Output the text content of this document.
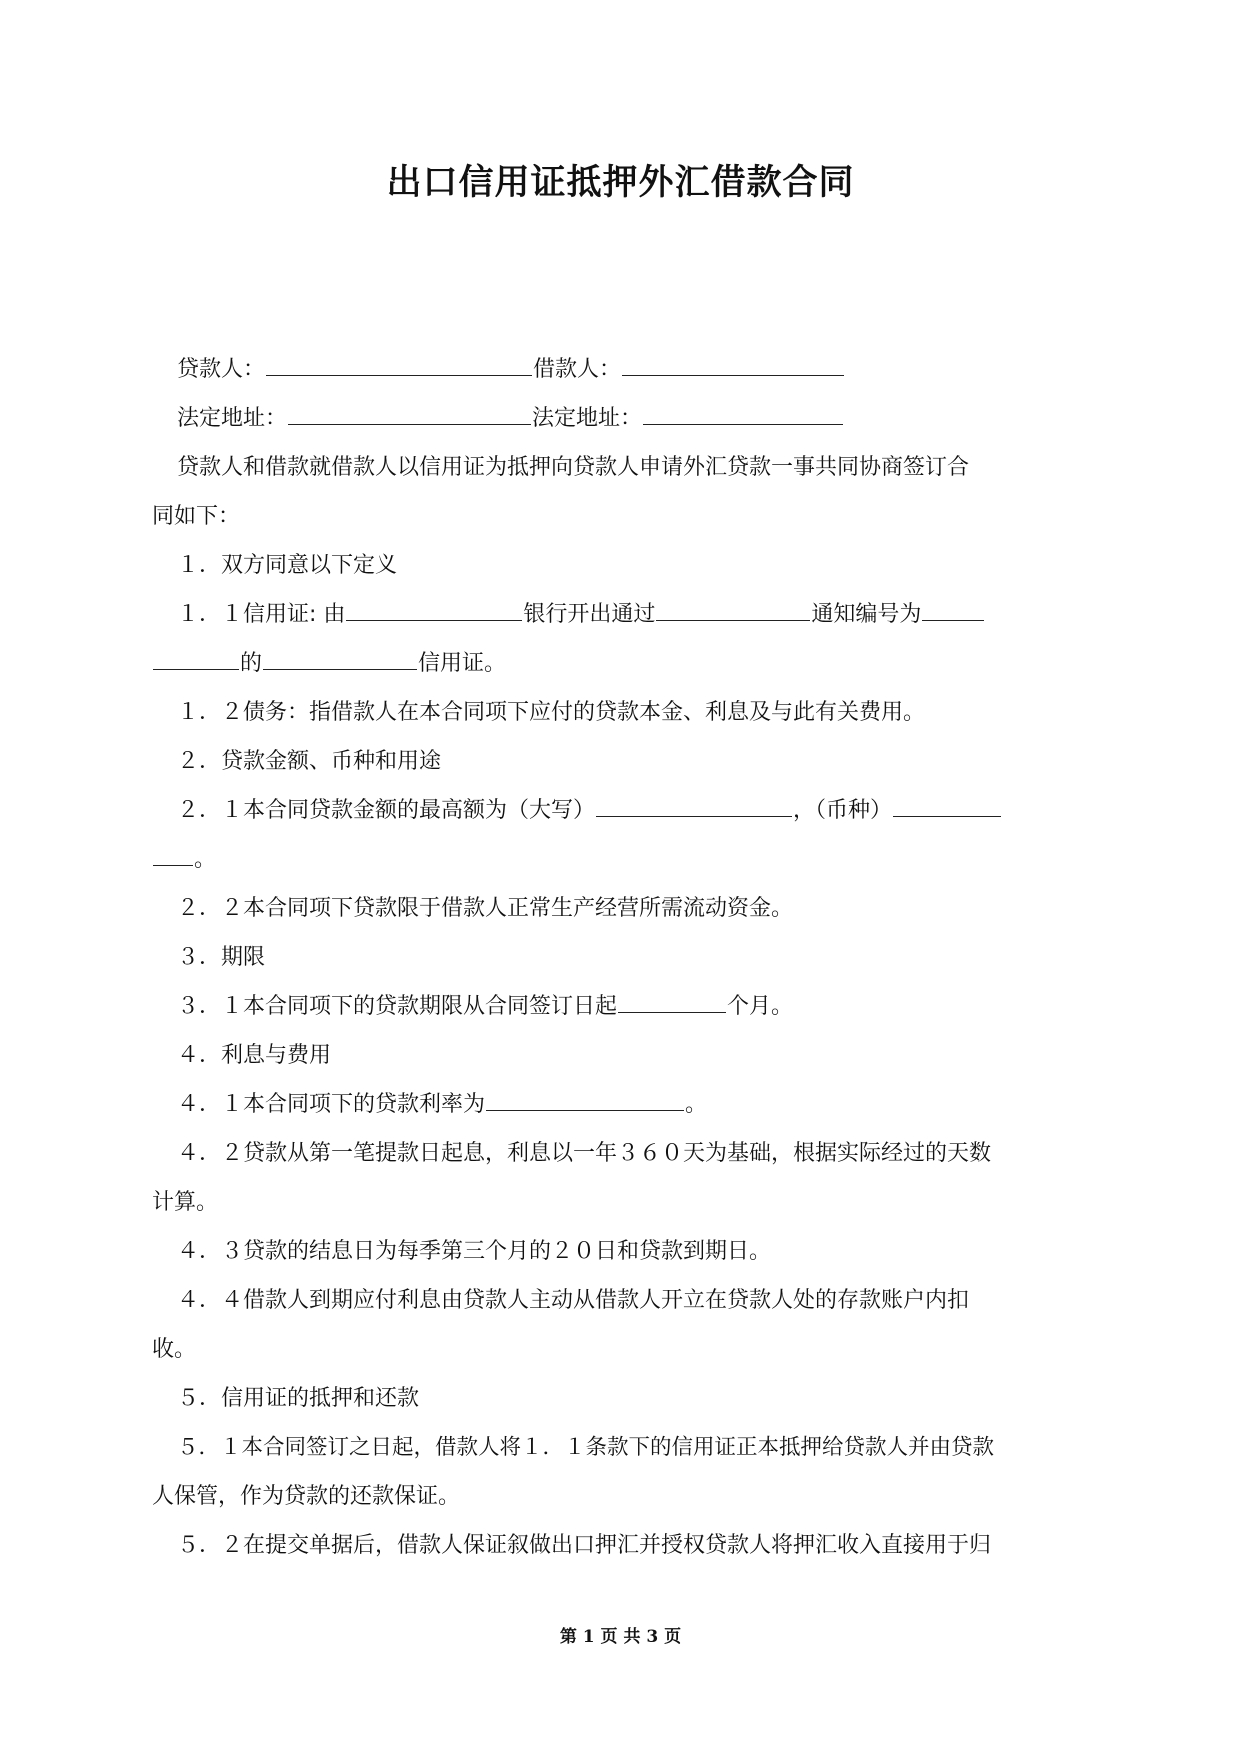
出口信用证抵押外汇借款合同
贷款人：	借款人：
法定地址：	法定地址：
贷款人和借款就借款人以信用证为抵押向贷款人申请外汇贷款一事共同协商签订合
同如下：
１．双方同意以下定义
１．１信用证: 由	银行开出通过	通知编号为
的	信用证。
１．２债务：指借款人在本合同项下应付的贷款本金、利息及与此有关费用。
２．贷款金额、币种和用途
２．１本合同贷款金额的最高额为（大写）	，（币种）
。
２．２本合同项下贷款限于借款人正常生产经营所需流动资金。
３．期限
３．１本合同项下的贷款期限从合同签订日起	个月。
４．利息与费用
４．１本合同项下的贷款利率为	。
４．２贷款从第一笔提款日起息，利息以一年３６０天为基础，根据实际经过的天数
计算。
４．３贷款的结息日为每季第三个月的２０日和贷款到期日。
４．４借款人到期应付利息由贷款人主动从借款人开立在贷款人处的存款账户内扣
收。
５．信用证的抵押和还款
５．１本合同签订之日起，借款人将１．１条款下的信用证正本抵押给贷款人并由贷款
人保管，作为贷款的还款保证。
５．２在提交单据后，借款人保证叙做出口押汇并授权贷款人将押汇收入直接用于归
第 1 页 共 3 页
